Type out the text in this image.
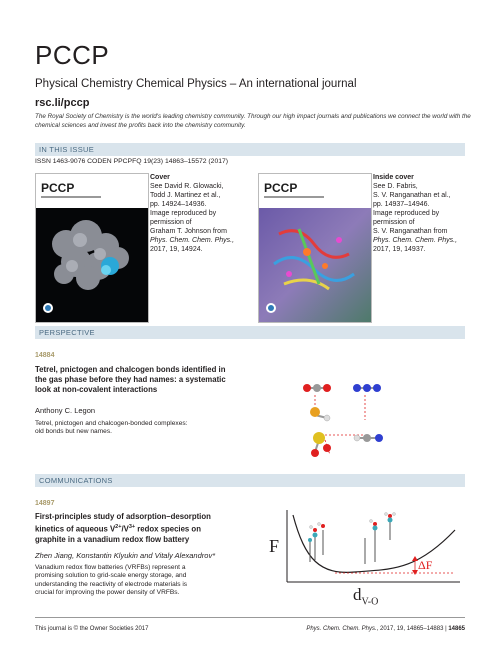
PCCP
Physical Chemistry Chemical Physics – An international journal
rsc.li/pccp
The Royal Society of Chemistry is the world's leading chemistry community. Through our high impact journals and publications we connect the world with the chemical sciences and invest the profits back into the chemistry community.
IN THIS ISSUE
ISSN 1463-9076 CODEN PPCPFQ 19(23) 14863–15572 (2017)
PCCP
Cover
See David R. Glowacki,
Todd J. Martinez et al.,
pp. 14924–14936.
Image reproduced by
permission of
Graham T. Johnson from
Phys. Chem. Chem. Phys.,
2017, 19, 14924.
PCCP
Inside cover
See D. Fabris,
S. V. Ranganathan et al.,
pp. 14937–14946.
Image reproduced by
permission of
S. V. Ranganathan from
Phys. Chem. Chem. Phys.,
2017, 19, 14937.
PERSPECTIVE
14884
Tetrel, pnictogen and chalcogen bonds identified in
the gas phase before they had names: a systematic
look at non-covalent interactions
Anthony C. Legon
Tetrel, pnictogen and chalcogen-bonded complexes:
old bonds but new names.
COMMUNICATIONS
14897
First-principles study of adsorption–desorption
kinetics of aqueous $V^{2+}/V^{3+}$ redox species on
graphite in a vanadium redox flow battery
Zhen Jiang, Konstantin Klyukin and Vitaly Alexandrov*
Vanadium redox flow batteries (VRFBs) represent a
promising solution to grid-scale energy storage, and
understanding the reactivity of electrode materials is
crucial for improving the power density of VRFBs.
F
ΔF
$d_{V-O}$
This journal is © the Owner Societies 2017	Phys. Chem. Chem. Phys., 2017, 19, 14865–14883 | 14865
